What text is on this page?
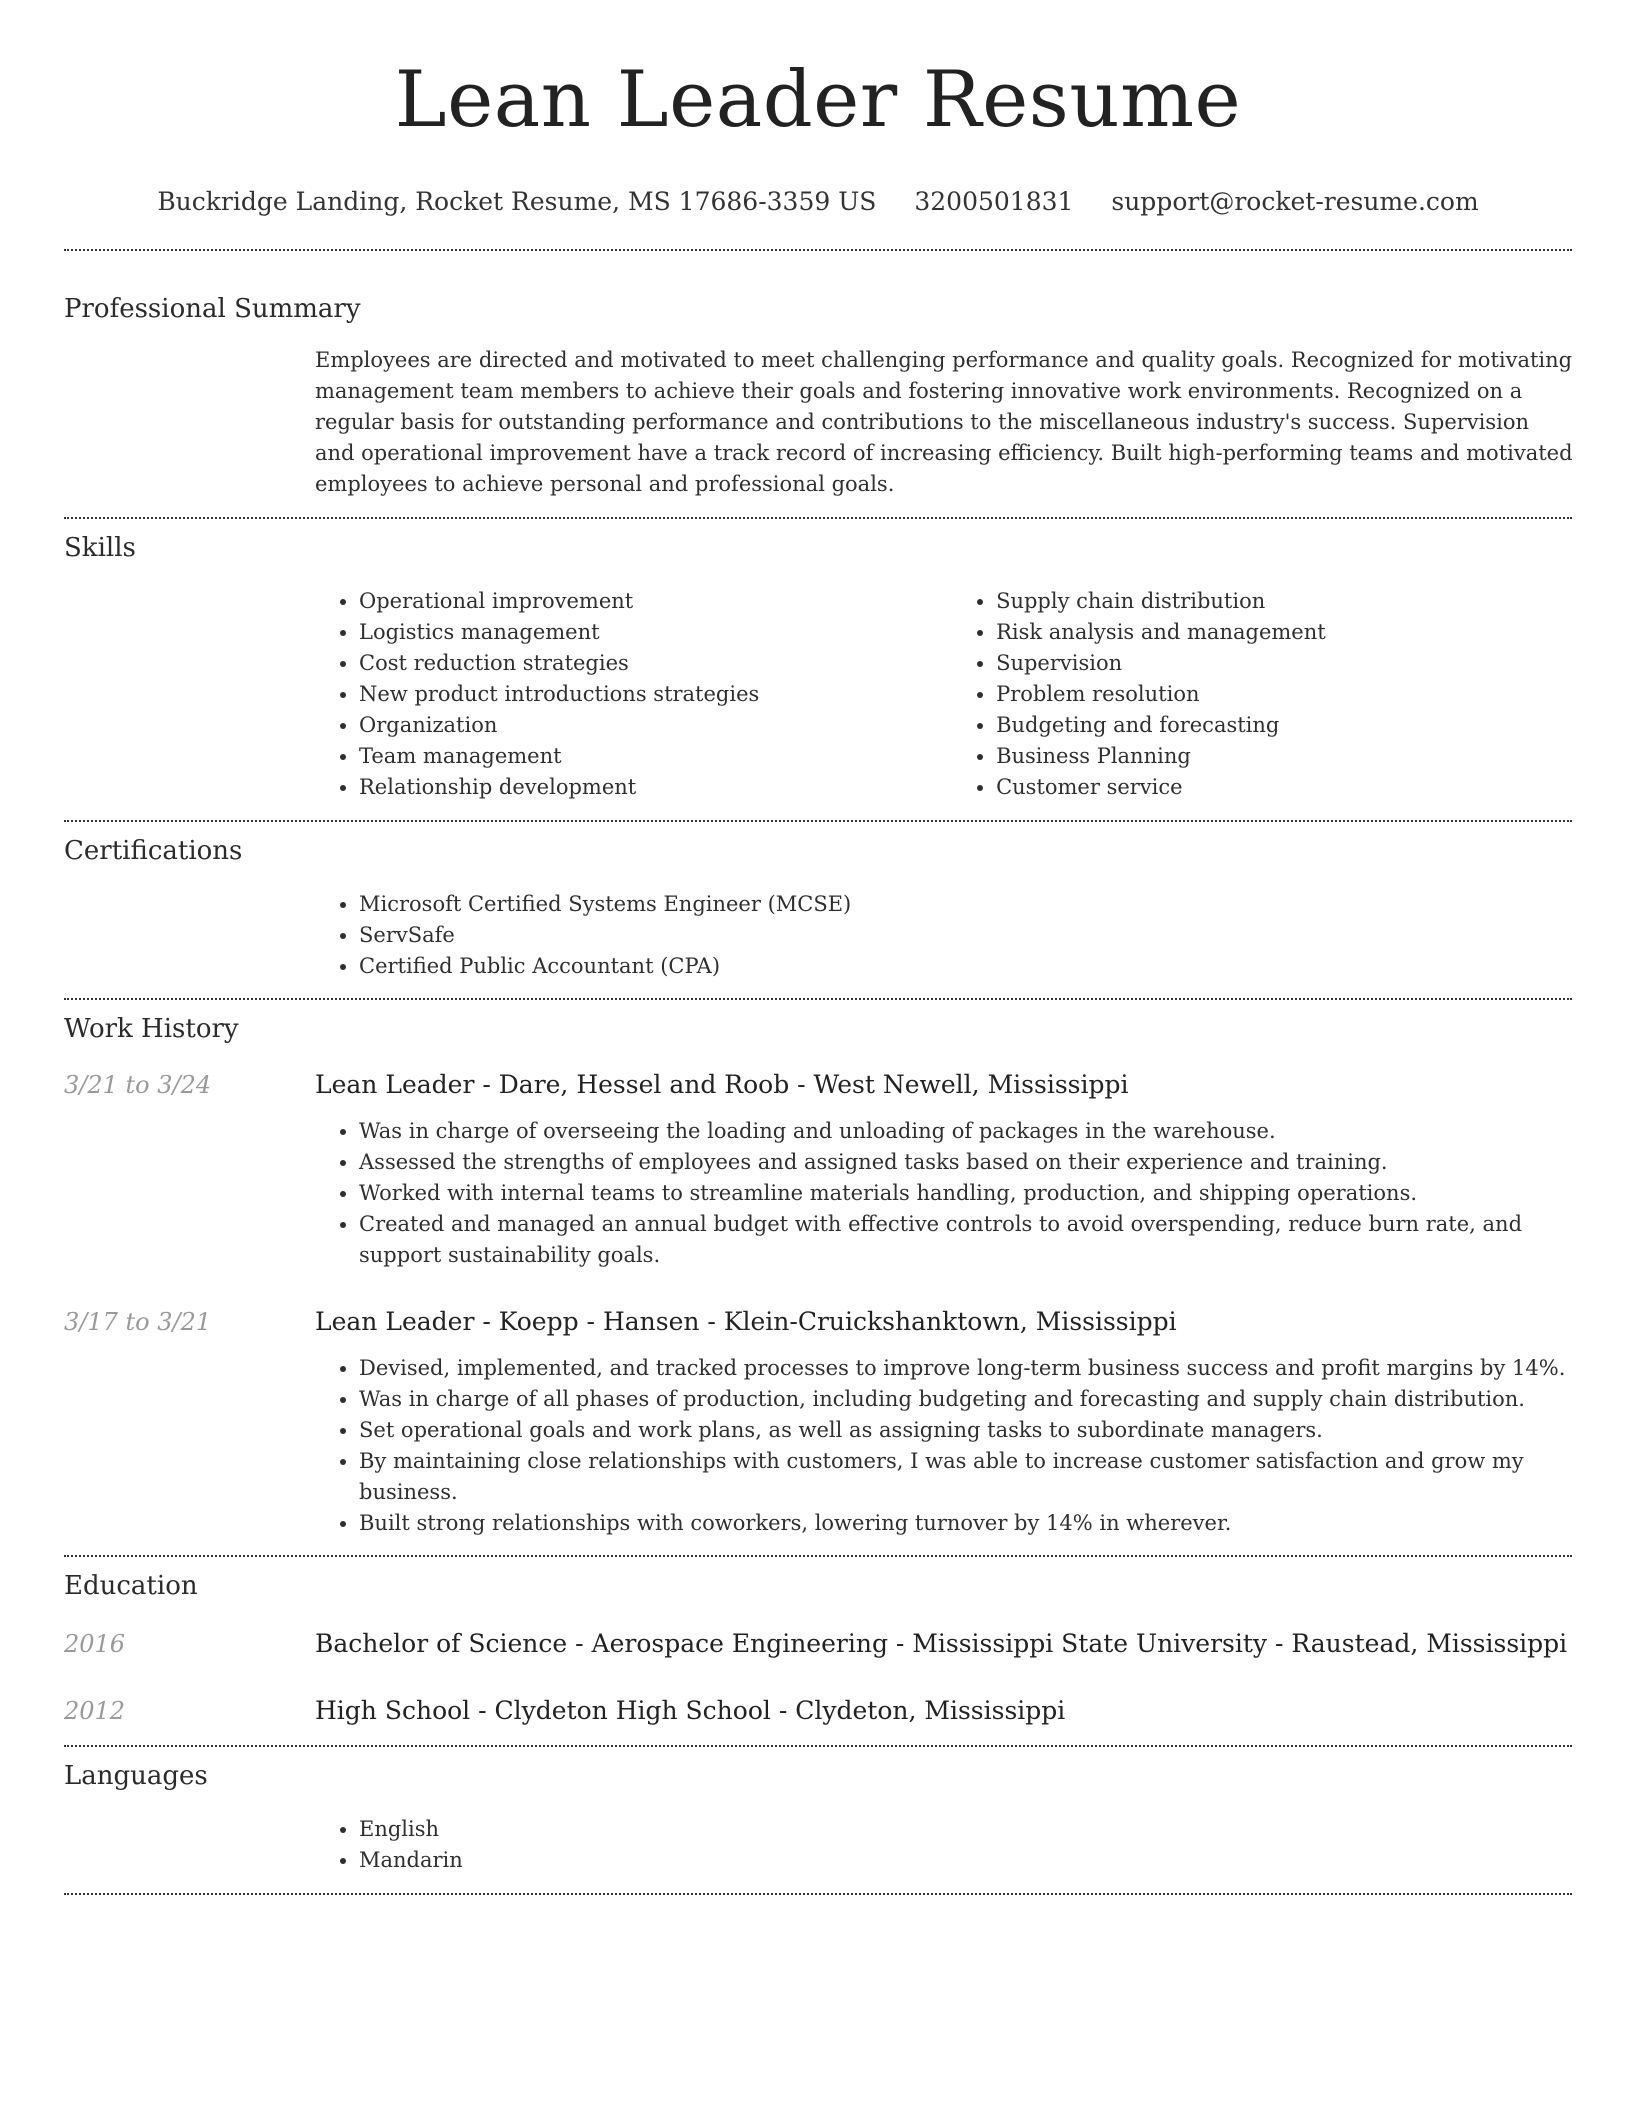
Lean Leader Resume
Buckridge Landing, Rocket Resume, MS 17686-3359 US 3200501831 support@rocket-resume.com
Professional Summary

Employees are directed and motivated to meet challenging performance and quality goals. Recognized for motivating management team members to achieve their goals and fostering innovative work environments. Recognized on a regular basis for outstanding performance and contributions to the miscellaneous industry's success. Supervision and operational improvement have a track record of increasing efficiency. Built high-performing teams and motivated employees to achieve personal and professional goals.

Skills
• Operational improvement
• Logistics management
• Cost reduction strategies
• New product introductions strategies
• Organization
• Team management
• Relationship development
• Supply chain distribution
• Risk analysis and management
• Supervision
• Problem resolution
• Budgeting and forecasting
• Business Planning
• Customer service
Certifications
• Microsoft Certified Systems Engineer (MCSE)
• ServSafe
• Certified Public Accountant (CPA)
Work History
3/21 to 3/24	Lean Leader - Dare, Hessel and Roob - West Newell, Mississippi
• Was in charge of overseeing the loading and unloading of packages in the warehouse.
• Assessed the strengths of employees and assigned tasks based on their experience and training.
• Worked with internal teams to streamline materials handling, production, and shipping operations.
• Created and managed an annual budget with effective controls to avoid overspending, reduce burn rate, and support sustainability goals.
3/17 to 3/21	Lean Leader - Koepp - Hansen - Klein-Cruickshanktown, Mississippi
• Devised, implemented, and tracked processes to improve long-term business success and profit margins by 14%.
• Was in charge of all phases of production, including budgeting and forecasting and supply chain distribution.
• Set operational goals and work plans, as well as assigning tasks to subordinate managers.
• By maintaining close relationships with customers, I was able to increase customer satisfaction and grow my business.
• Built strong relationships with coworkers, lowering turnover by 14% in wherever.
Education
2016	Bachelor of Science - Aerospace Engineering - Mississippi State University - Raustead, Mississippi
2012	High School - Clydeton High School - Clydeton, Mississippi
Languages
• English
• Mandarin
